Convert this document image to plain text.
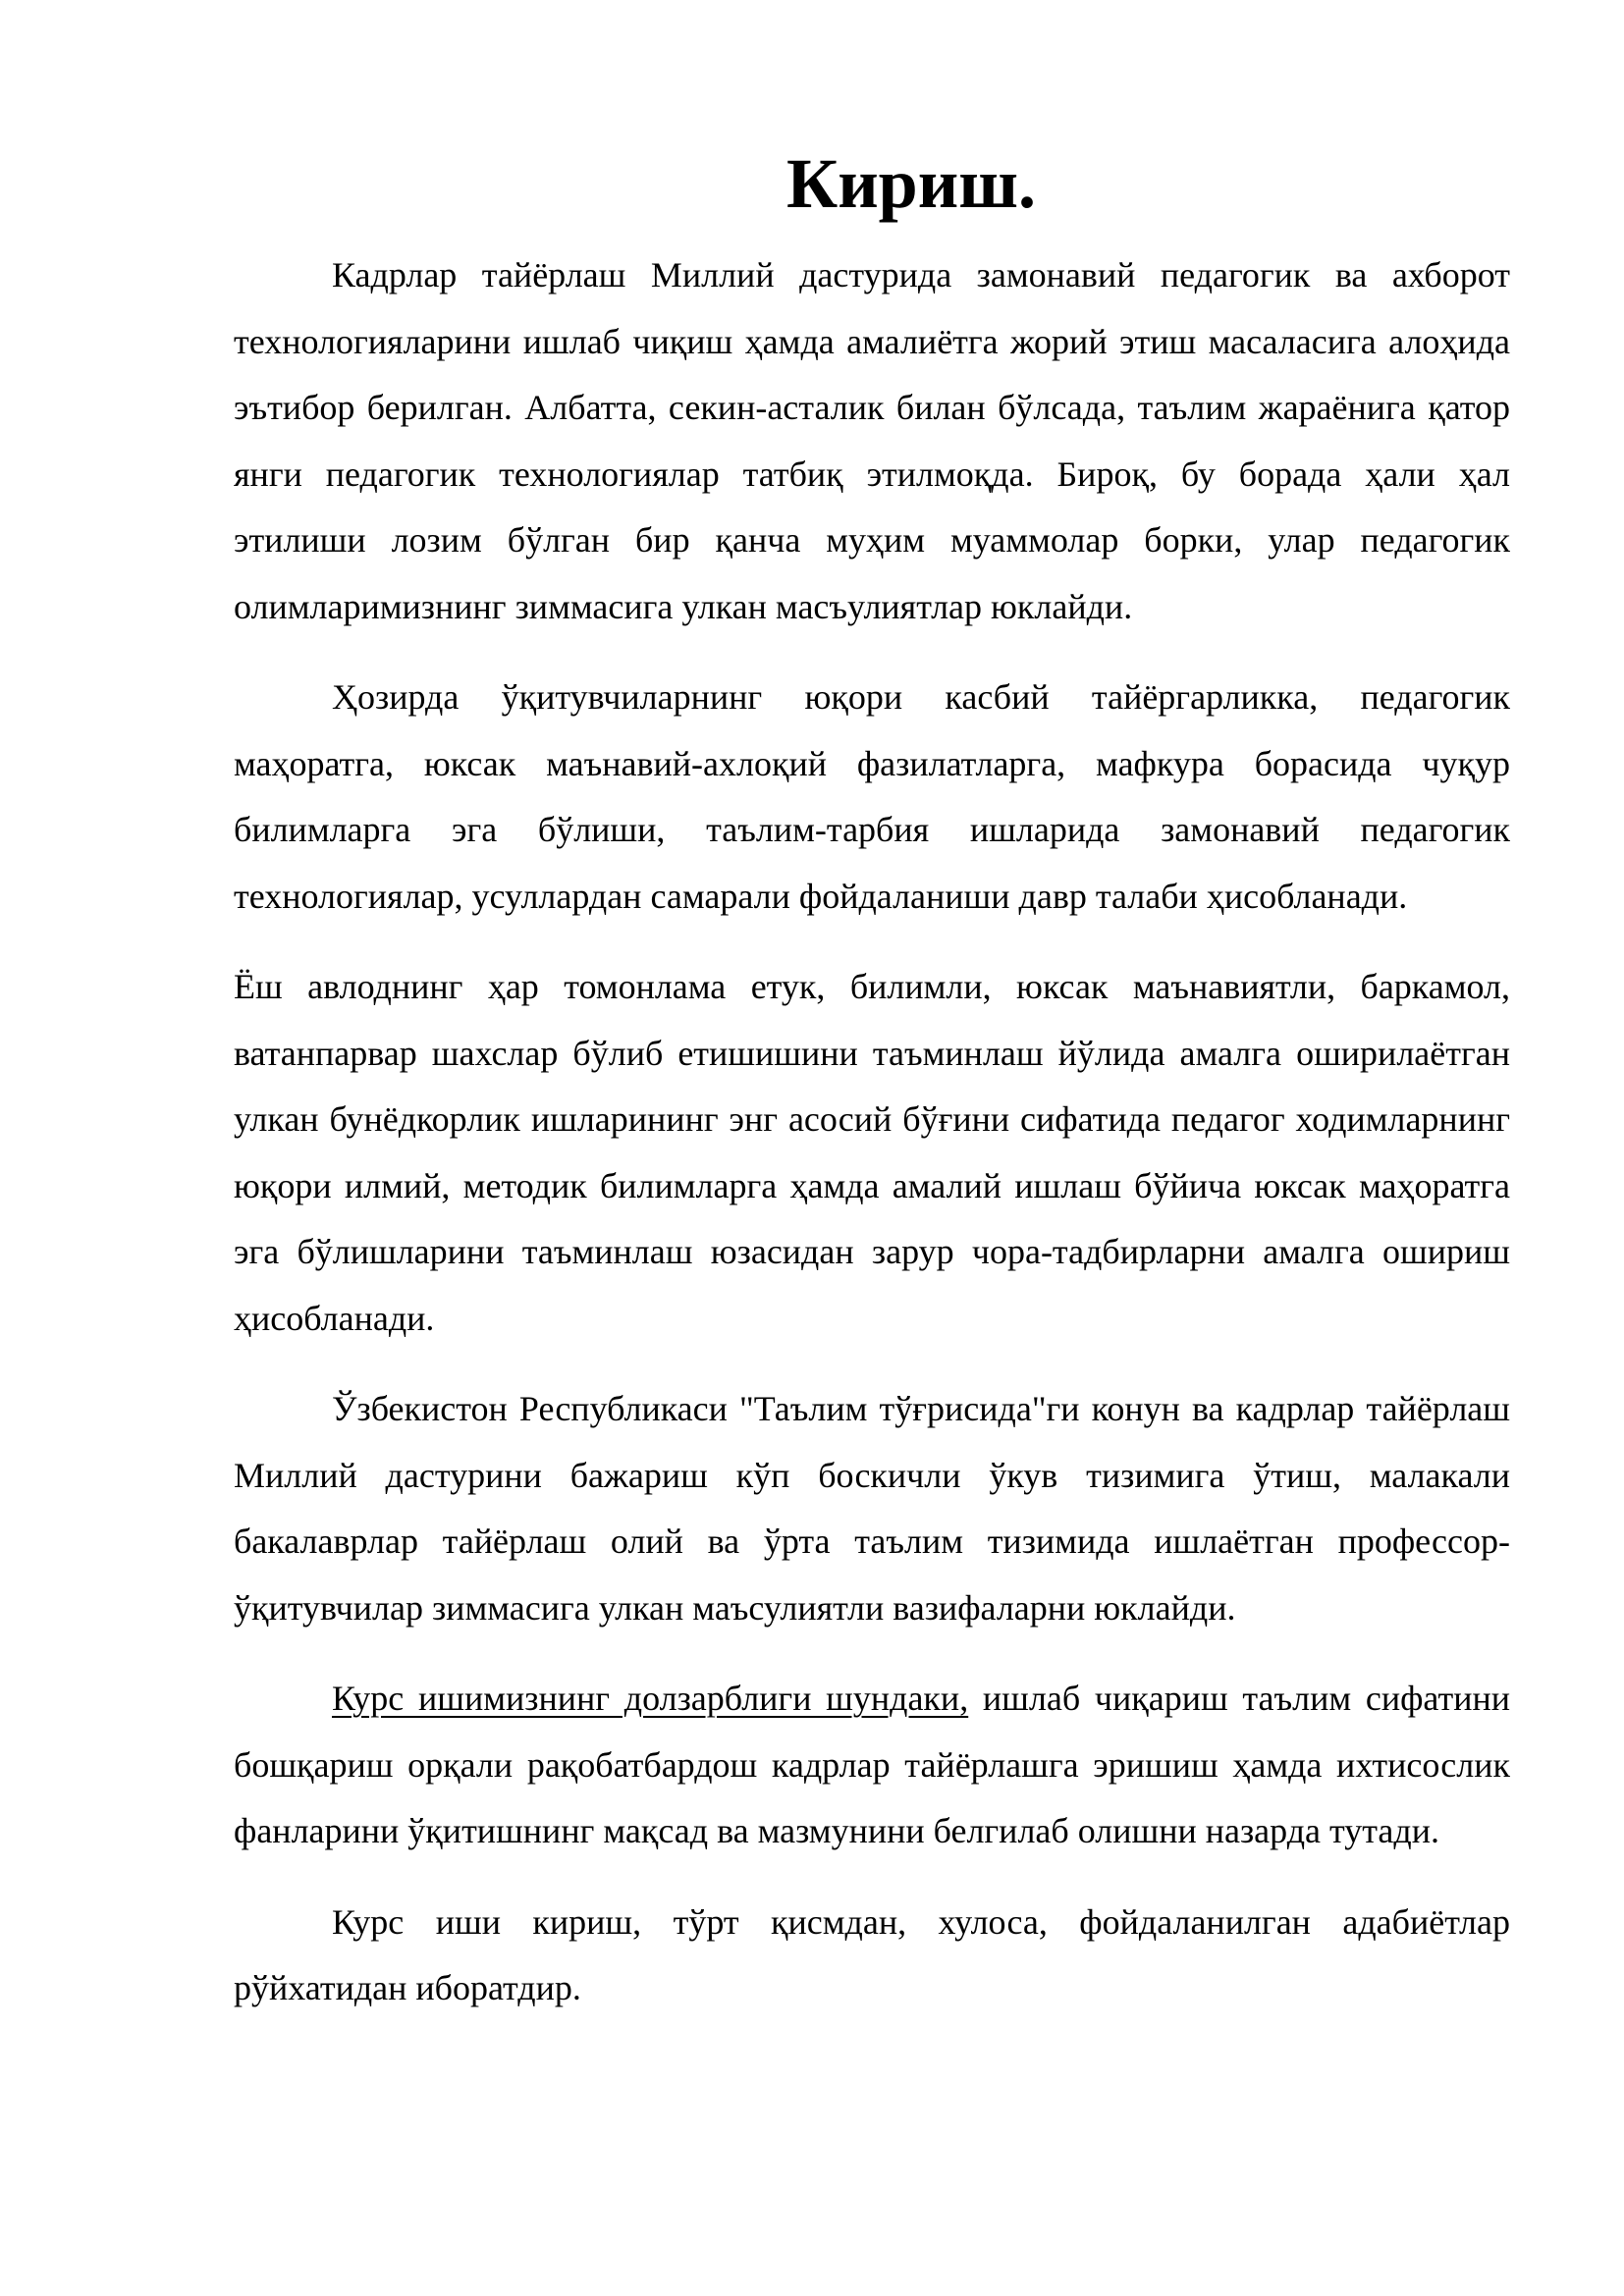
Кириш.

Кадрлар тайёрлаш Миллий дастурида замонавий педагогик ва ахборот технологияларини ишлаб чиқиш ҳамда амалиётга жорий этиш масаласига алоҳида эътибор берилган. Албатта, секин-асталик билан бўлсада, таълим жараёнига қатор янги педагогик технологиялар татбиқ этилмоқда. Бироқ, бу борада ҳали ҳал этилиши лозим бўлган бир қанча муҳим муаммолар борки, улар педагогик олимларимизнинг зиммасига улкан масъулиятлар юклайди.

Ҳозирда ўқитувчиларнинг юқори касбий тайёргарликка, педагогик маҳоратга, юксак маънавий-ахлоқий фазилатларга, мафкура борасида чуқур билимларга эга бўлиши, таълим-тарбия ишларида замонавий педагогик технологиялар, усуллардан самарали фойдаланиши давр талаби ҳисобланади.

Ёш авлоднинг ҳар томонлама етук, билимли, юксак маънавиятли, баркамол, ватанпарвар шахслар бўлиб етишишини таъминлаш йўлида амалга оширилаётган улкан бунёдкорлик ишларининг энг асосий бўғини сифатида педагог ходимларнинг юқори илмий, методик билимларга ҳамда амалий ишлаш бўйича юксак маҳоратга эга бўлишларини таъминлаш юзасидан зарур чора-тадбирларни амалга ошириш ҳисобланади.

Ўзбекистон Республикаси "Таълим тўғрисида"ги конун ва кадрлар тайёрлаш Миллий дастурини бажариш кўп боскичли ўкув тизимига ўтиш, малакали бакалаврлар тайёрлаш олий ва ўрта таълим тизимида ишлаётган профессор-ўқитувчилар зиммасига улкан маъсулиятли вазифаларни юклайди.

Курс ишимизнинг долзарблиги шундаки, ишлаб чиқариш таълим сифатини бошқариш орқали рақобатбардош кадрлар тайёрлашга эришиш ҳамда ихтисослик фанларини ўқитишнинг мақсад ва мазмунини белгилаб олишни назарда тутади.

Курс иши кириш, тўрт қисмдан, хулоса, фойдаланилган адабиётлар рўйхатидан иборатдир.
